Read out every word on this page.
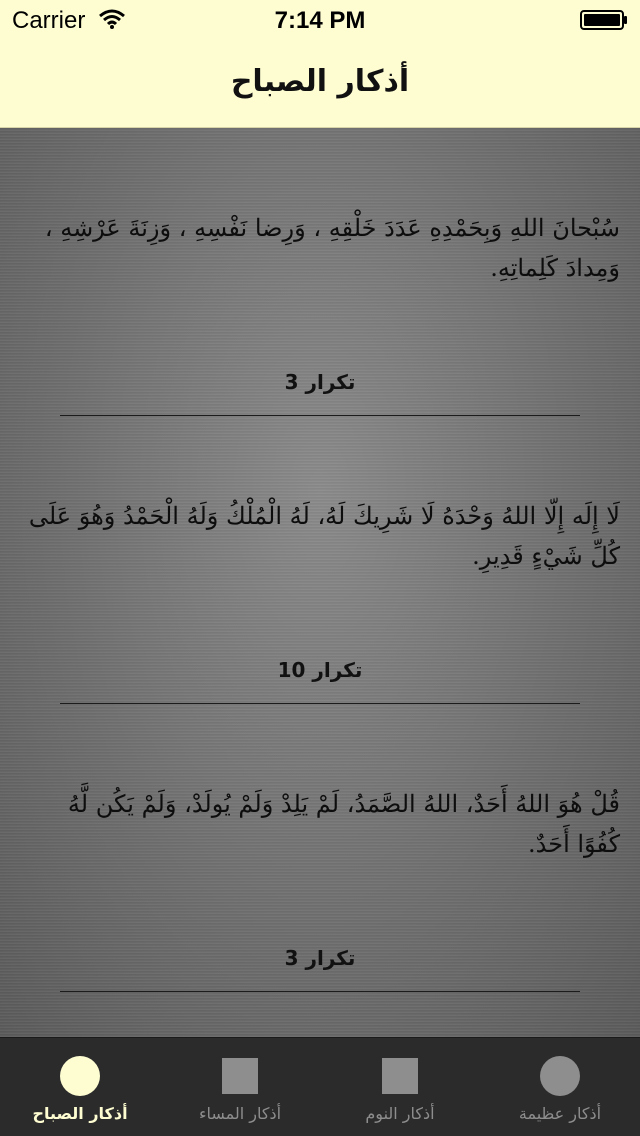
Carrier	7:14 PM
أذكار الصباح
سُبْحانَ اللهِ وَبِحَمْدِهِ عَدَدَ خَلْقِهِ ، وَرِضا نَفْسِهِ ، وَزِنَةَ عَرْشِهِ ، وَمِدادَ كَلِماتِهِ.
تكرار 3
لَا إِلَه إِلّا اللهُ وَحْدَهُ لَا شَرِيكَ لَهُ، لَهُ الْمُلْكُ وَلَهُ الْحَمْدُ وَهُوَ عَلَى كُلِّ شَيْءٍ قَدِيرِ.
تكرار 10
قُلْ هُوَ اللهُ أَحَدٌ، اللهُ الصَّمَدُ، لَمْ يَلِدْ وَلَمْ يُولَدْ، وَلَمْ يَكُن لَّهُ كُفُوًا أَحَدٌ.
تكرار 3
أذكار الصباح	أذكار المساء	أذكار النوم	أذكار عظيمة
